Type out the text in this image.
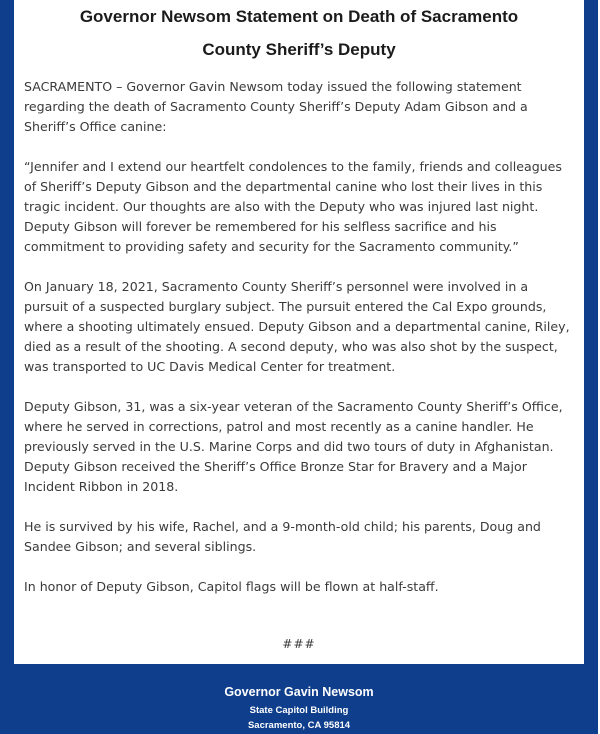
Governor Newsom Statement on Death of Sacramento
County Sheriff’s Deputy

SACRAMENTO – Governor Gavin Newsom today issued the following statement regarding the death of Sacramento County Sheriff’s Deputy Adam Gibson and a Sheriff’s Office canine:

“Jennifer and I extend our heartfelt condolences to the family, friends and colleagues of Sheriff’s Deputy Gibson and the departmental canine who lost their lives in this tragic incident. Our thoughts are also with the Deputy who was injured last night. Deputy Gibson will forever be remembered for his selfless sacrifice and his commitment to providing safety and security for the Sacramento community.”

On January 18, 2021, Sacramento County Sheriff’s personnel were involved in a pursuit of a suspected burglary subject. The pursuit entered the Cal Expo grounds, where a shooting ultimately ensued. Deputy Gibson and a departmental canine, Riley, died as a result of the shooting. A second deputy, who was also shot by the suspect, was transported to UC Davis Medical Center for treatment.

Deputy Gibson, 31, was a six-year veteran of the Sacramento County Sheriff’s Office, where he served in corrections, patrol and most recently as a canine handler. He previously served in the U.S. Marine Corps and did two tours of duty in Afghanistan. Deputy Gibson received the Sheriff’s Office Bronze Star for Bravery and a Major Incident Ribbon in 2018.

He is survived by his wife, Rachel, and a 9-month-old child; his parents, Doug and Sandee Gibson; and several siblings.

In honor of Deputy Gibson, Capitol flags will be flown at half-staff.

###
Governor Gavin Newsom
State Capitol Building
Sacramento, CA 95814
